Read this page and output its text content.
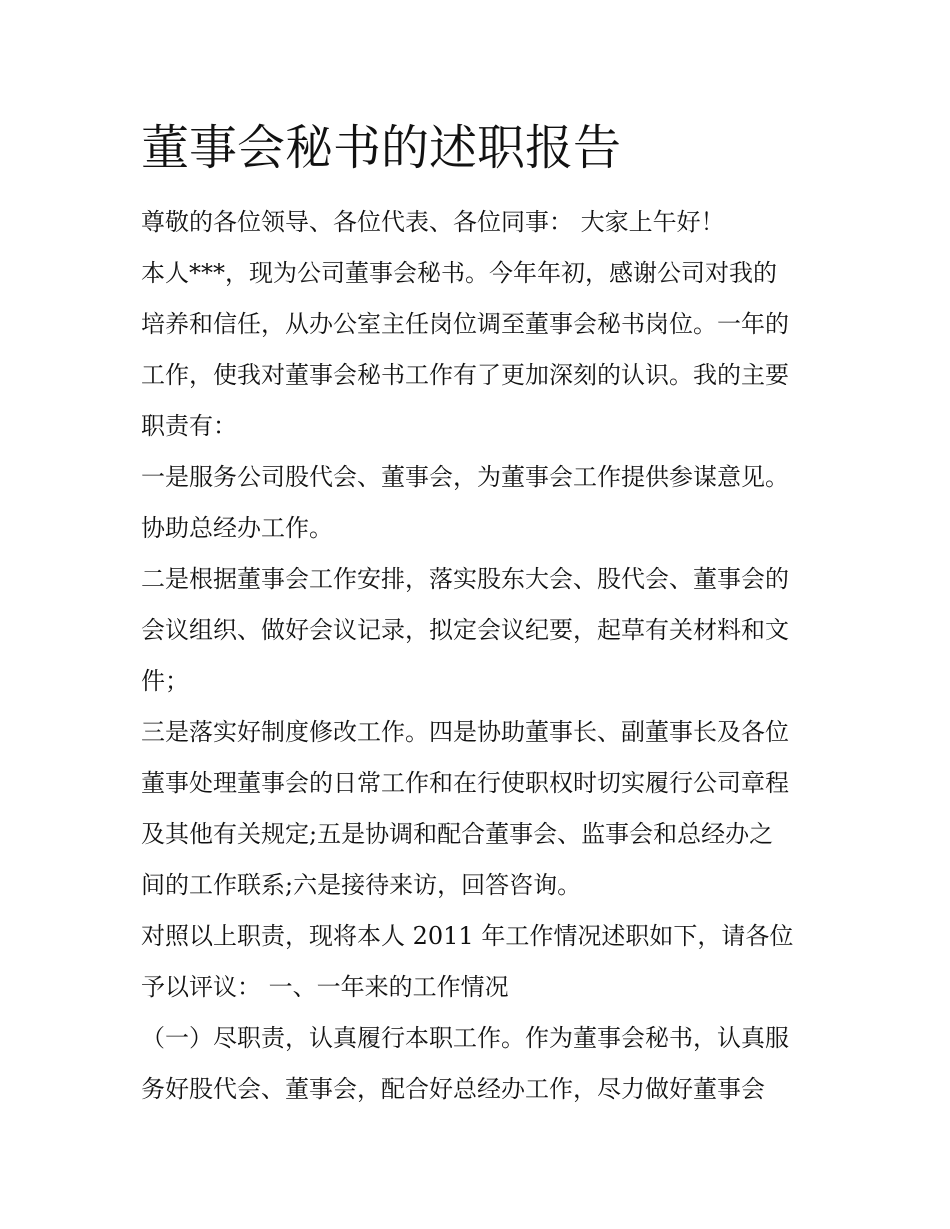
董事会秘书的述职报告

尊敬的各位领导、各位代表、各位同事： 大家上午好！

本人***，现为公司董事会秘书。今年年初，感谢公司对我的

培养和信任，从办公室主任岗位调至董事会秘书岗位。一年的

工作，使我对董事会秘书工作有了更加深刻的认识。我的主要

职责有：

一是服务公司股代会、董事会，为董事会工作提供参谋意见。

协助总经办工作。

二是根据董事会工作安排，落实股东大会、股代会、董事会的

会议组织、做好会议记录，拟定会议纪要，起草有关材料和文

件；

三是落实好制度修改工作。四是协助董事长、副董事长及各位

董事处理董事会的日常工作和在行使职权时切实履行公司章程

及其他有关规定;五是协调和配合董事会、监事会和总经办之

间的工作联系;六是接待来访，回答咨询。

对照以上职责，现将本人 2011 年工作情况述职如下，请各位

予以评议： 一、一年来的工作情况

（一）尽职责，认真履行本职工作。作为董事会秘书，认真服

务好股代会、董事会，配合好总经办工作，尽力做好董事会
